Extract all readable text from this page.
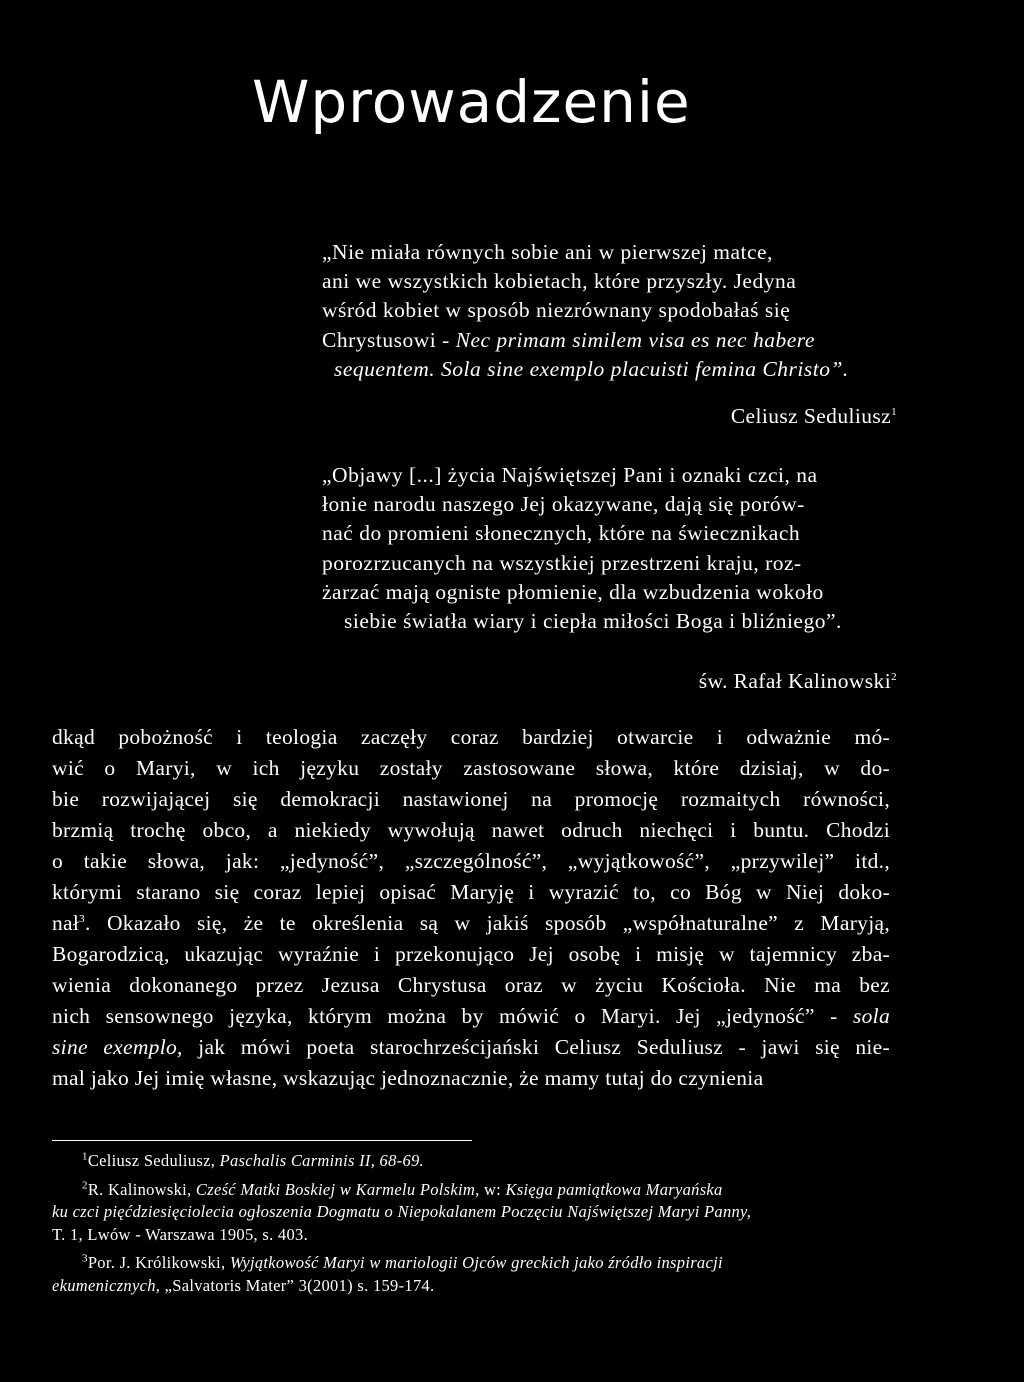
Wprowadzenie
„Nie miała równych sobie ani w pierwszej matce,
ani we wszystkich kobietach, które przyszły. Jedyna
wśród kobiet w sposób niezrównany spodobałaś się
Chrystusowi - Nec primam similem visa es nec habere
sequentem. Sola sine exemplo placuisti femina Christo”.

Celiusz Seduliusz$^1$

„Objawy [...] życia Najświętszej Pani i oznaki czci, na
łonie narodu naszego Jej okazywane, dają się porów-
nać do promieni słonecznych, które na świecznikach
porozrzucanych na wszystkiej przestrzeni kraju, roz-
żarzać mają ogniste płomienie, dla wzbudzenia wokoło
siebie światła wiary i ciepła miłości Boga i bliźniego”.

św. Rafał Kalinowski$^2$

dkąd pobożność i teologia zaczęły coraz bardziej otwarcie i odważnie mó-
wić o Maryi, w ich języku zostały zastosowane słowa, które dzisiaj, w do-
bie rozwijającej się demokracji nastawionej na promocję rozmaitych równości,
brzmią trochę obco, a niekiedy wywołują nawet odruch niechęci i buntu. Chodzi
o takie słowa, jak: „jedyność”, „szczególność”, „wyjątkowość”, „przywilej” itd.,
którymi starano się coraz lepiej opisać Maryję i wyrazić to, co Bóg w Niej doko-
nał$^3$. Okazało się, że te określenia są w jakiś sposób „współnaturalne” z Maryją,
Bogarodzicą, ukazując wyraźnie i przekonująco Jej osobę i misję w tajemnicy zba-
wienia dokonanego przez Jezusa Chrystusa oraz w życiu Kościoła. Nie ma bez
nich sensownego języka, którym można by mówić o Maryi. Jej „jedyność” - sola
sine exemplo, jak mówi poeta starochrześcijański Celiusz Seduliusz - jawi się nie-
mal jako Jej imię własne, wskazując jednoznacznie, że mamy tutaj do czynienia

$^1$Celiusz Seduliusz, Paschalis Carminis II, 68-69.

$^2$R. Kalinowski, Cześć Matki Boskiej w Karmelu Polskim, w: Księga pamiątkowa Maryańska
ku czci pięćdziesięciolecia ogłoszenia Dogmatu o Niepokalanem Poczęciu Najświętszej Maryi Panny,
T. 1, Lwów - Warszawa 1905, s. 403.

$^3$Por. J. Królikowski, Wyjątkowość Maryi w mariologii Ojców greckich jako źródło inspiracji
ekumenicznych, „Salvatoris Mater” 3(2001) s. 159-174.
